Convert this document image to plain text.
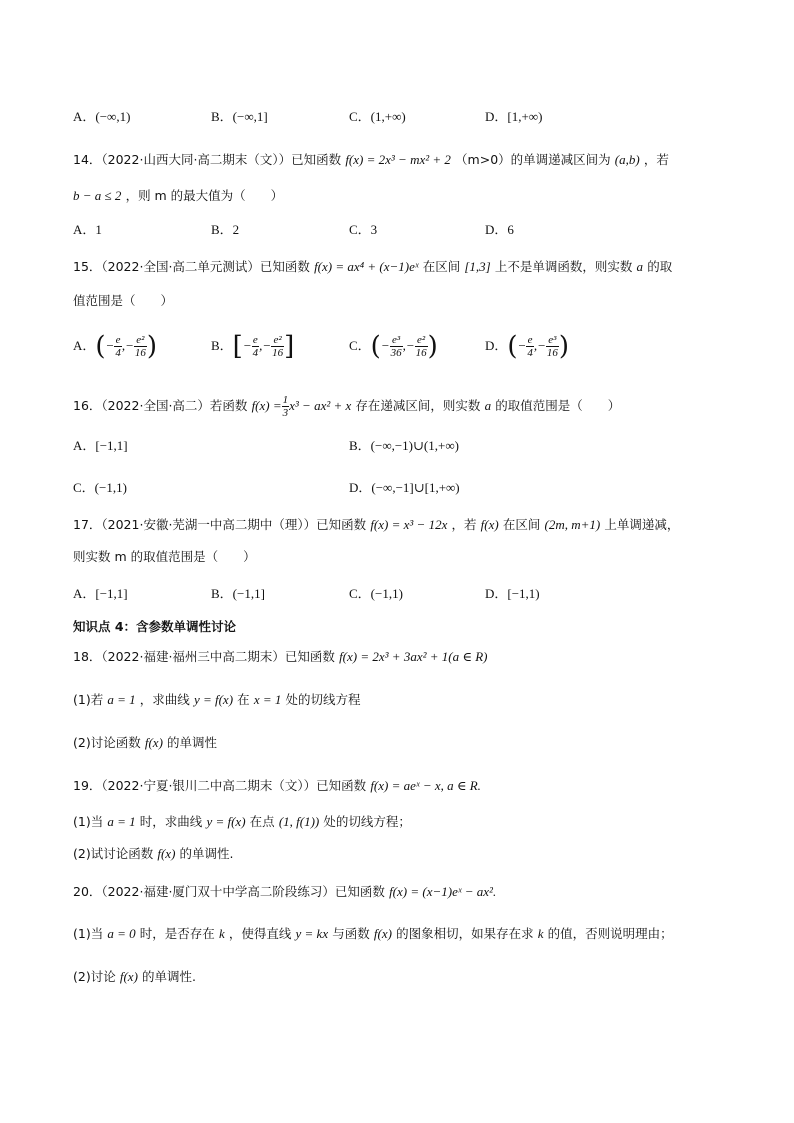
A．(−∞,1)	B．(−∞,1]	C．(1,+∞)	D．[1,+∞)
14．（2022·山西大同·高二期末（文））已知函数 f(x) = 2x³ − mx² + 2 （m>0）的单调递减区间为 (a,b) ，若
b − a ≤ 2 ，则 m 的最大值为（　　）
A．1	B．2	C．3	D．6
15．（2022·全国·高二单元测试）已知函数 f(x) = ax⁴ + (x−1)eˣ 在区间 [1,3] 上不是单调函数，则实数 a 的取
值范围是（　　）
A．(− $\frac{e}{4}$ ,− $\frac{\text{e²}}{16}$ )	B．[− $\frac{e}{4}$ ,− $\frac{\text{e²}}{16}$ ]	C．(− $\frac{\text{e³}}{36}$ ,− $\frac{\text{e²}}{16}$ )	D．(− $\frac{e}{4}$ ,− $\frac{\text{e³}}{16}$ )
16．（2022·全国·高二）若函数 $f(x) = \frac{1}{3} x^3 - ax^2 + x$ 存在递减区间，则实数 a 的取值范围是（　　）
A．[−1,1]	B．(−∞,−1)∪(1,+∞)
C．(−1,1)	D．(−∞,−1]∪[1,+∞)
17．（2021·安徽·芜湖一中高二期中（理））已知函数 f(x) = x³ − 12x ，若 f(x) 在区间 (2m, m+1) 上单调递减，
则实数 m 的取值范围是（　　）
A．[−1,1]	B．(−1,1]	C．(−1,1)	D．[−1,1)
知识点 4：含参数单调性讨论
18．（2022·福建·福州三中高二期末）已知函数 f(x) = 2x³ + 3ax² + 1(a ∈ R)
(1)若 a = 1 ，求曲线 y = f(x) 在 x = 1 处的切线方程
(2)讨论函数 f(x) 的单调性
19．（2022·宁夏·银川二中高二期末（文））已知函数 f(x) = aeˣ − x, a ∈ R.
(1)当 a = 1 时，求曲线 y = f(x) 在点 (1, f(1)) 处的切线方程；
(2)试讨论函数 f(x) 的单调性.
20．（2022·福建·厦门双十中学高二阶段练习）已知函数 f(x) = (x−1)eˣ − ax².
(1)当 a = 0 时，是否存在 k ，使得直线 y = kx 与函数 f(x) 的图象相切，如果存在求 k 的值，否则说明理由；
(2)讨论 f(x) 的单调性.
